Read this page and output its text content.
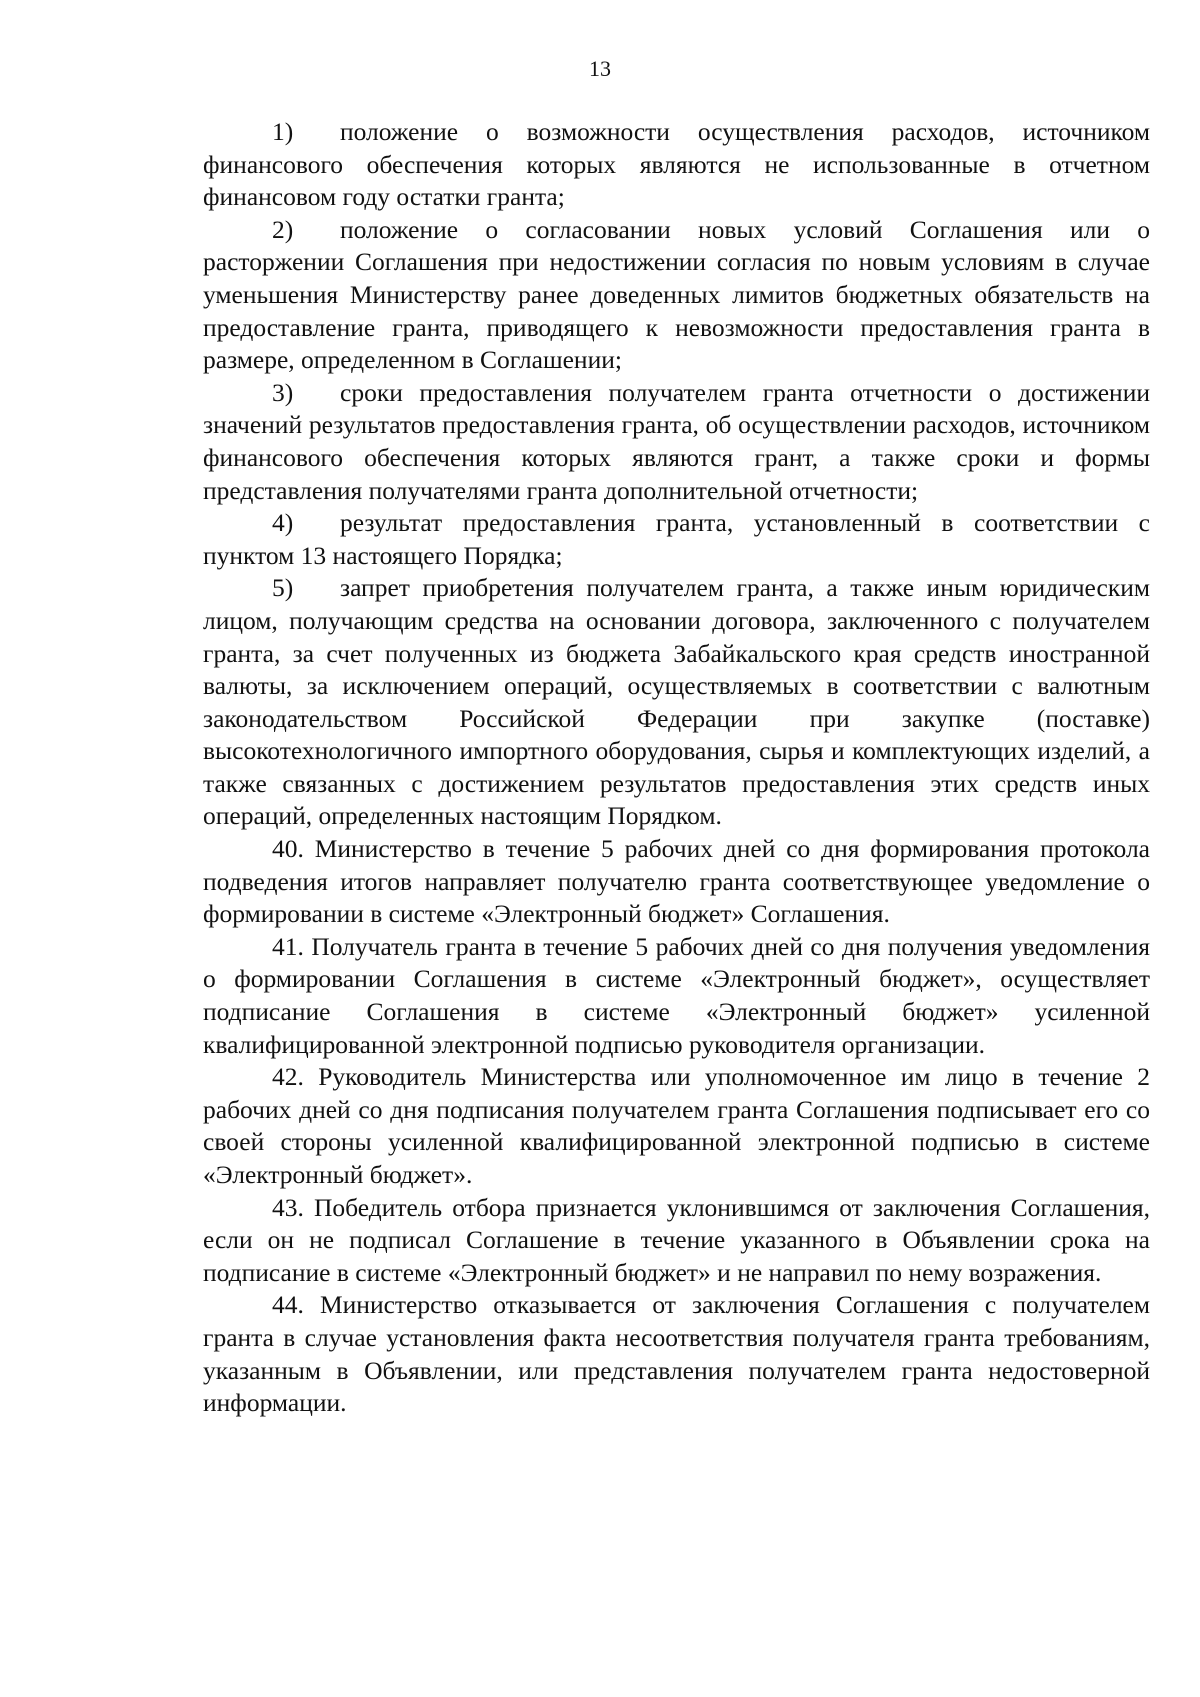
13

1) положение о возможности осуществления расходов, источником финансового обеспечения которых являются не использованные в отчетном финансовом году остатки гранта;

2) положение о согласовании новых условий Соглашения или о расторжении Соглашения при недостижении согласия по новым условиям в случае уменьшения Министерству ранее доведенных лимитов бюджетных обязательств на предоставление гранта, приводящего к невозможности предоставления гранта в размере, определенном в Соглашении;

3) сроки предоставления получателем гранта отчетности о достижении значений результатов предоставления гранта, об осуществлении расходов, источником финансового обеспечения которых являются грант, а также сроки и формы представления получателями гранта дополнительной отчетности;

4) результат предоставления гранта, установленный в соответствии с пунктом 13 настоящего Порядка;

5) запрет приобретения получателем гранта, а также иным юридическим лицом, получающим средства на основании договора, заключенного с получателем гранта, за счет полученных из бюджета Забайкальского края средств иностранной валюты, за исключением операций, осуществляемых в соответствии с валютным законодательством Российской Федерации при закупке (поставке) высокотехнологичного импортного оборудования, сырья и комплектующих изделий, а также связанных с достижением результатов предоставления этих средств иных операций, определенных настоящим Порядком.

40. Министерство в течение 5 рабочих дней со дня формирования протокола подведения итогов направляет получателю гранта соответствующее уведомление о формировании в системе «Электронный бюджет» Соглашения.

41. Получатель гранта в течение 5 рабочих дней со дня получения уведомления о формировании Соглашения в системе «Электронный бюджет», осуществляет подписание Соглашения в системе «Электронный бюджет» усиленной квалифицированной электронной подписью руководителя организации.

42. Руководитель Министерства или уполномоченное им лицо в течение 2 рабочих дней со дня подписания получателем гранта Соглашения подписывает его со своей стороны усиленной квалифицированной электронной подписью в системе «Электронный бюджет».

43. Победитель отбора признается уклонившимся от заключения Соглашения, если он не подписал Соглашение в течение указанного в Объявлении срока на подписание в системе «Электронный бюджет» и не направил по нему возражения.

44. Министерство отказывается от заключения Соглашения с получателем гранта в случае установления факта несоответствия получателя гранта требованиям, указанным в Объявлении, или представления получателем гранта недостоверной информации.
